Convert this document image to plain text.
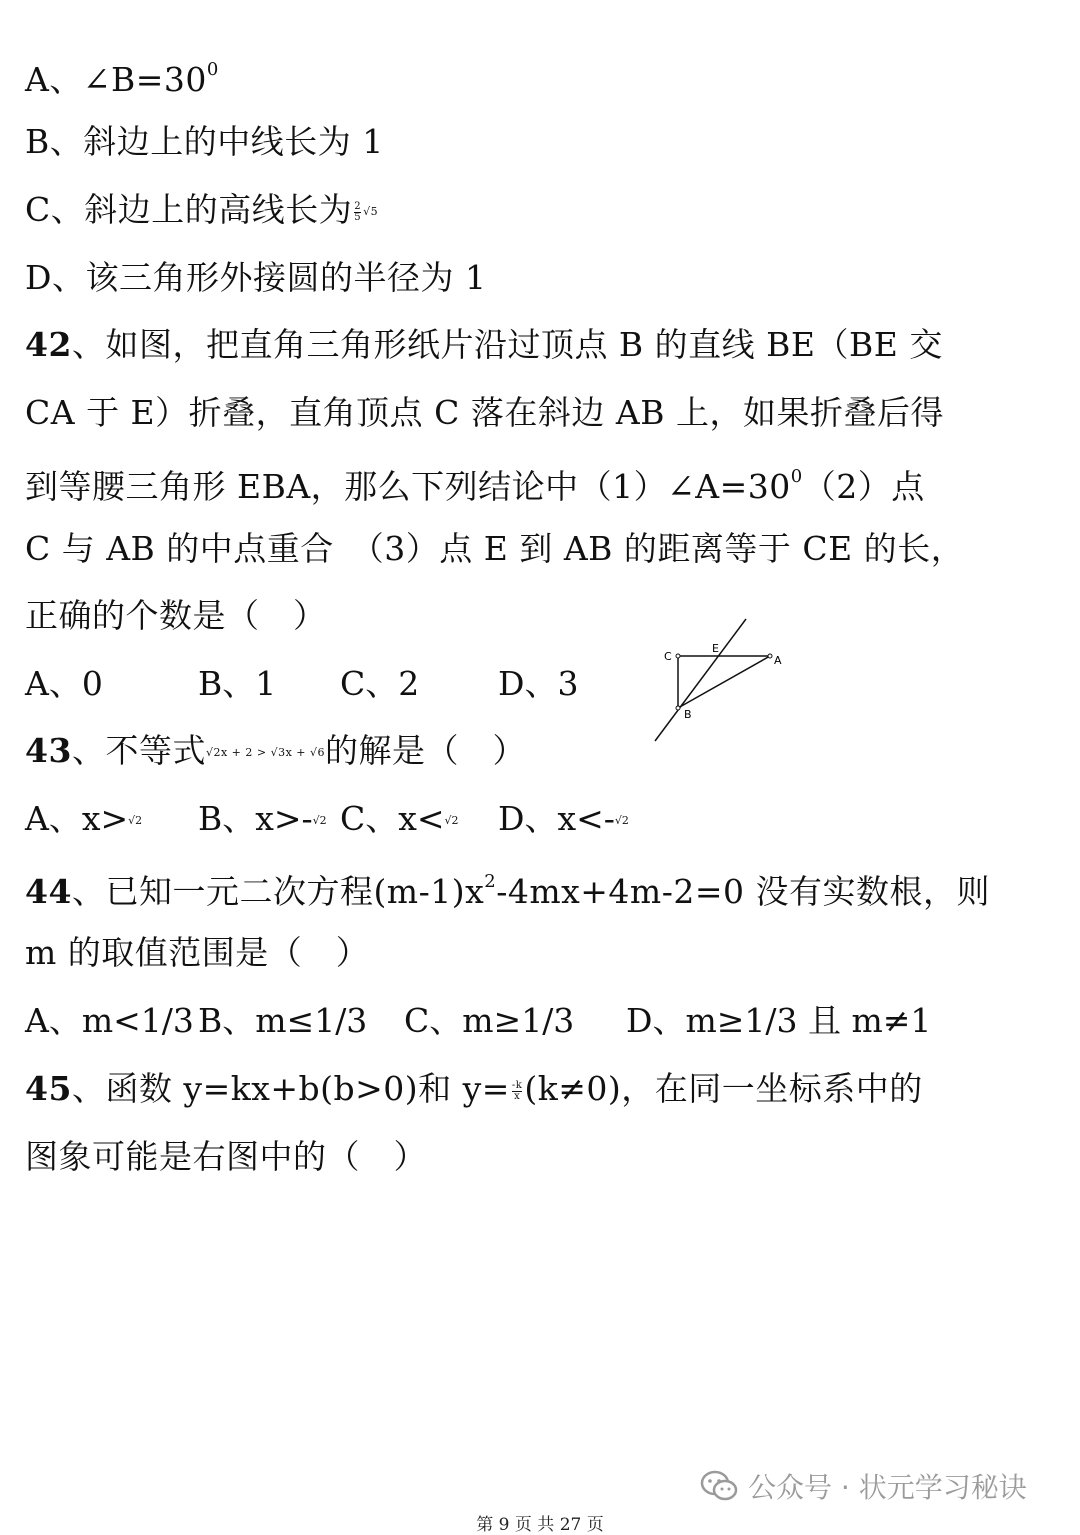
A、$\angle B=30^0$
B、斜边上的中线长为 1
C、斜边上的高线长为 $\frac{2}{5} √5$
D、该三角形外接圆的半径为 1
42、如图，把直角三角形纸片沿过顶点 B 的直线 BE（BE 交
CA 于 E）折叠，直角顶点 C 落在斜边 AB 上，如果折叠后得
到等腰三角形 EBA，那么下列结论中$(1)\angle A=30^0(2)$点
C 与 AB 的中点重合　（3）点 E 到 AB 的距离等于 CE 的长，
正确的个数是（　）
A、0	B、1 C、2 D、3
C
E
A
B
43、不等式√2x + 2 > √3x + √6的解是（　）
A、x>√2 B、x>-√2 C、x<√2 D、x<-√2
44、已知一元二次方程$(m-1)x^2-4mx+4m-2=0$ 没有实数根，则
m 的取值范围是（　）
A、m<1/3 B、m≤1/3 C、m≥1/3 D、m≥1/3 且 m≠1
45、函数 y=kx+b(b>0)和 $y= \frac{-k}{x} (k\ne 0)$，在同一坐标系中的
图象可能是右图中的（　）
公众号 · 状元学习秘诀
第 9 页 共 27 页
